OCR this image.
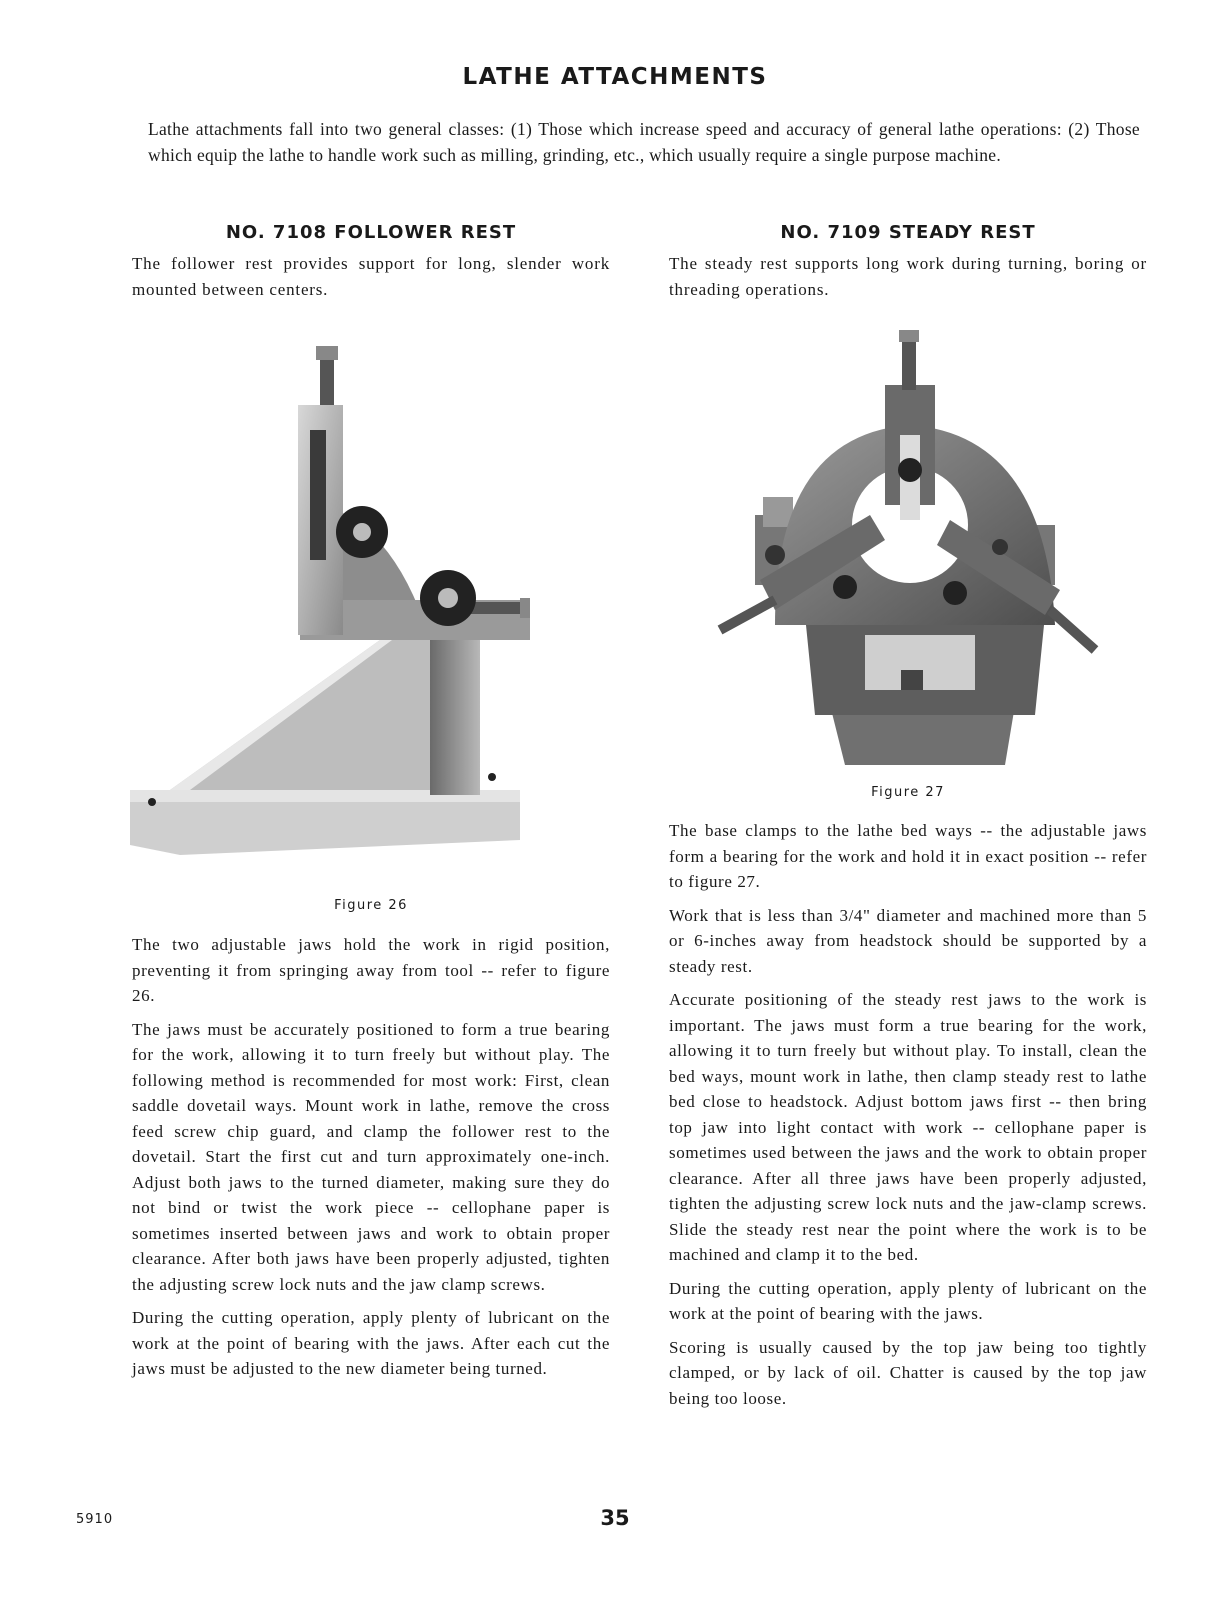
LATHE ATTACHMENTS
Lathe attachments fall into two general classes: (1) Those which increase speed and accuracy of general lathe operations: (2) Those which equip the lathe to handle work such as milling, grinding, etc., which usually require a single purpose machine.
NO. 7108 FOLLOWER REST

The follower rest provides support for long, slender work mounted between centers.

NO. 7109 STEADY REST

The steady rest supports long work during turning, boring or threading operations.

Figure 26

The two adjustable jaws hold the work in rigid position, preventing it from springing away from tool -- refer to figure 26.

The jaws must be accurately positioned to form a true bearing for the work, allowing it to turn freely but without play. The following method is recommended for most work: First, clean saddle dovetail ways. Mount work in lathe, remove the cross feed screw chip guard, and clamp the follower rest to the dovetail. Start the first cut and turn approximately one-inch. Adjust both jaws to the turned diameter, making sure they do not bind or twist the work piece -- cellophane paper is sometimes inserted between jaws and work to obtain proper clearance. After both jaws have been properly adjusted, tighten the adjusting screw lock nuts and the jaw clamp screws.

During the cutting operation, apply plenty of lubricant on the work at the point of bearing with the jaws. After each cut the jaws must be adjusted to the new diameter being turned.

Figure 27

The base clamps to the lathe bed ways -- the adjustable jaws form a bearing for the work and hold it in exact position -- refer to figure 27.

Work that is less than 3/4" diameter and machined more than 5 or 6-inches away from headstock should be supported by a steady rest.

Accurate positioning of the steady rest jaws to the work is important. The jaws must form a true bearing for the work, allowing it to turn freely but without play. To install, clean the bed ways, mount work in lathe, then clamp steady rest to lathe bed close to headstock. Adjust bottom jaws first -- then bring top jaw into light contact with work -- cellophane paper is sometimes used between the jaws and the work to obtain proper clearance. After all three jaws have been properly adjusted, tighten the adjusting screw lock nuts and the jaw-clamp screws. Slide the steady rest near the point where the work is to be machined and clamp it to the bed.

During the cutting operation, apply plenty of lubricant on the work at the point of bearing with the jaws.

Scoring is usually caused by the top jaw being too tightly clamped, or by lack of oil. Chatter is caused by the top jaw being too loose.

5910	35
